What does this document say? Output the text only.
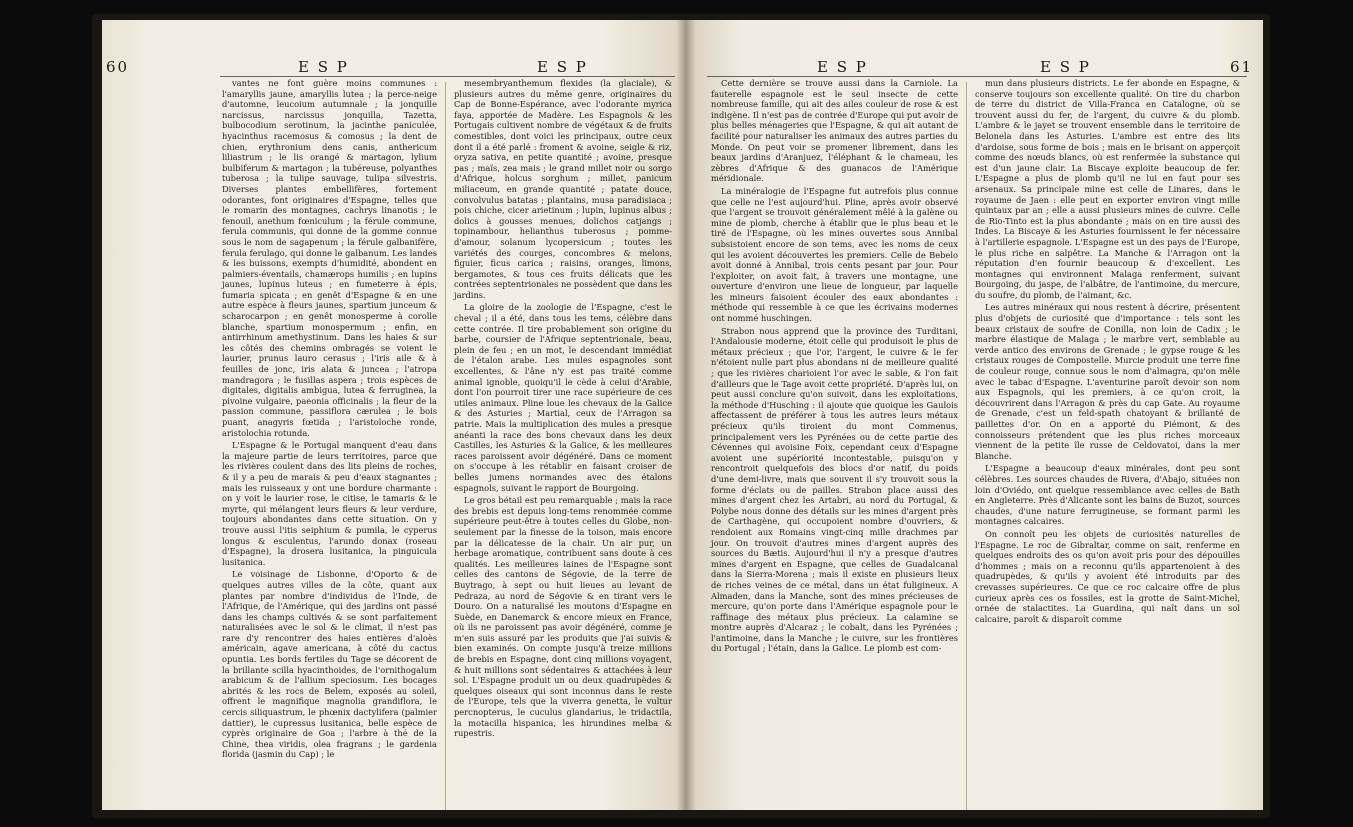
60	E S P	E S P

vantes ne font guère moins communes : l'amaryllis jaune, amaryllis lutea ; la perce-neige d'automne, leucoium autumnale ; la jonquille narcissus, narcissus jonquilla, Tazetta, bulbocodium serotinum, la jacinthe paniculée, hyacinthus racemosus & comosus ; la dent de chien, erythronium dens canis, anthericum liliastrum ; le lis orangé & martagon, lylium bulbiferum & martagon ; la tubéreuse, polyanthes tuberosa ; la tulipe sauvage, tulipa silvestris. Diverses plantes embellifères, fortement odorantes, font originaires d'Espagne, telles que le romarin des montagnes, cachrys linanotis ; le fenouil, anethum fœniculum ; la férule commune, ferula communis, qui donne de la gomme connue sous le nom de sagapenum ; la férule galbanifère, ferula ferulago, qui donne le galbanum. Les landes & les buissons, exempts d'humidité, abondent en palmiers-éventails, chamærops humilis ; en lupins jaunes, lupinus luteus ; en fumeterre à épis, fumaria spicata ; en genêt d'Espagne & en une autre espèce à fleurs jaunes, spartium junceum & scharocarpon ; en genêt monosperme à corolle blanche, spartium monospermum ; enfin, en antirrhinum amethystinum. Dans les haies & sur les côtés des chemins ombragés se voient le laurier, prunus lauro cerasus ; l'iris aile & à feuilles de jonc, iris alata & juncea ; l'atropa mandragora ; le fusillas aspera ; trois espèces de digitales, digitalis ambigua, lutea & ferruginea, la pivoine vulgaire, paeonia officinalis ; la fleur de la passion commune, passiflora cærulea ; le bois puant, anagyris fœtida ; l'aristoloche ronde, aristolochia rotunda.

L'Espagne & le Portugal manquent d'eau dans la majeure partie de leurs territoires, parce que les rivières coulent dans des lits pleins de roches, & il y a peu de marais & peu d'eaux stagnantes ; mais les ruisseaux y ont une bordure charmante : on y voit le laurier rose, le citise, le tamaris & le myrte, qui mélangent leurs fleurs & leur verdure, toujours abondantes dans cette situation. On y trouve aussi l'itis seiphium & pumila, le cyperus longus & esculentus, l'arundo donax (roseau d'Espagne), la drosera lusitanica, la pinguicula lusitanica.

Le voisinage de Lisbonne, d'Oporto & de quelques autres villes de la côte, quant aux plantes par nombre d'individus de l'Inde, de l'Afrique, de l'Amérique, qui des jardins ont passé dans les champs cultivés & se sont parfaitement naturalisées avec le sol & le climat, il n'est pas rare d'y rencontrer des haies entières d'aloès américain, agave americana, à côté du cactus opuntia. Les bords fertiles du Tage se décorent de la brillante scilla hyacinthoides, de l'ornithogalum arabicum & de l'allium speciosum. Les bocages abrités & les rocs de Belem, exposés au soleil, offrent le magnifique magnolia grandiflora, le cercis siliquastrum, le phœnix dactylifera (palmier dattier), le cupressus lusitanica, belle espèce de cyprès originaire de Goa ; l'arbre à thé de la Chine, thea viridis, olea fragrans ; le gardenia florida (jasmin du Cap) ; le

mesembryanthemum flexides (la glaciale), & plusieurs autres du même genre, originaires du Cap de Bonne-Espérance, avec l'odorante myrica faya, apportée de Madère. Les Espagnols & les Portugais cultivent nombre de végétaux & de fruits comestibles, dont voici les principaux, outre ceux dont il a été parlé : froment & avoine, seigle & riz, oryza sativa, en petite quantité ; avoine, presque pas ; maïs, zea mais ; le grand millet noir ou sorgo d'Afrique, holcus sorghum ; millet, panicum miliaceum, en grande quantité ; patate douce, convolvulus batatas ; plantains, musa paradisiaca ; pois chiche, cicer arietinum ; lupin, lupinus albus ; dolics à gousses menues, dolichos catjangs ; topinambour, helianthus tuberosus ; pomme-d'amour, solanum lycopersicum ; toutes les variétés des courges, concombres & melons, figuier, ficus carica ; raisins, oranges, limons, bergamotes, & tous ces fruits délicats que les contrées septentrionales ne possèdent que dans les jardins.

La gloire de la zoologie de l'Espagne, c'est le cheval ; il a été, dans tous les tems, célèbre dans cette contrée. Il tire probablement son origine du barbe, coursier de l'Afrique septentrionale, beau, plein de feu ; en un mot, le descendant immédiat de l'étalon arabe. Les mules espagnoles sont excellentes, & l'âne n'y est pas traité comme animal ignoble, quoiqu'il le cède à celui d'Arabie, dont l'on pourroit tirer une race supérieure de ces utiles animaux. Pline loue les chevaux de la Galice & des Asturies ; Martial, ceux de l'Arragon sa patrie. Mais la multiplication des mules a presque anéanti la race des bons chevaux dans les deux Castilles, les Asturies & la Galice, & les meilleures races paroissent avoir dégénéré. Dans ce moment on s'occupe à les rétablir en faisant croiser de belles jumens normandes avec des étalons espagnols, suivant le rapport de Bourgoing.

Le gros bétail est peu remarquable ; mais la race des brebis est depuis long-tems renommée comme supérieure peut-être à toutes celles du Globe, non-seulement par la finesse de la toison, mais encore par la délicatesse de la chair. Un air pur, un herbage aromatique, contribuent sans doute à ces qualités. Les meilleures laines de l'Espagne sont celles des cantons de Ségovie, de la terre de Buytrago, à sept ou huit lieues au levant de Pedraza, au nord de Ségovie & en tirant vers le Douro. On a naturalisé les moutons d'Espagne en Suède, en Danemarck & encore mieux en France, où ils ne paroissent pas avoir dégénéré, comme je m'en suis assuré par les produits que j'ai suivis & bien examinés. On compte jusqu'à treize millions de brebis en Espagne, dont cinq millions voyagent, & huit millions sont sédentaires & attachées à leur sol. L'Espagne produit un ou deux quadrupèdes & quelques oiseaux qui sont inconnus dans le reste de l'Europe, tels que la viverra genetta, le vultur percnopterus, le cuculus glandarius, le tridactila, la motacilla hispanica, les hirundines melba & rupestris.

E S P	E S P	61

Cette dernière se trouve aussi dans la Carniole. La fauterelle espagnole est le seul insecte de cette nombreuse famille, qui ait des ailes couleur de rose & est indigène. Il n'est pas de contrée d'Europe qui put avoir de plus belles ménageries que l'Espagne, & qui ait autant de facilité pour naturaliser les animaux des autres parties du Monde. On peut voir se promener librement, dans les beaux jardins d'Aranjuez, l'éléphant & le chameau, les zèbres d'Afrique & des guanacos de l'Amérique méridionale.

La minéralogie de l'Espagne fut autrefois plus connue que celle ne l'est aujourd'hui. Pline, après avoir observé que l'argent se trouvoit généralement mêlé à la galène ou mine de plomb, cherche à établir que le plus beau et le tiré de l'Espagne, où les mines ouvertes sous Annibal subsistoient encore de son tems, avec les noms de ceux qui les avoient découvertes les premiers. Celle de Bebelo avoit donné à Annibal, trois cents pesant par jour. Pour l'exploiter, on avoit fait, à travers une montagne, une ouverture d'environ une lieue de longueur, par laquelle les mineurs faisoient écouler des eaux abondantes : méthode qui ressemble à ce que les écrivains modernes ont nommé huschingen.

Strabon nous apprend que la province des Turditani, l'Andalousie moderne, étoit celle qui produisoit le plus de métaux précieux ; que l'or, l'argent, le cuivre & le fer n'étoient nulle part plus abondans ni de meilleure qualité ; que les rivières charioient l'or avec le sable, & l'on fait d'ailleurs que le Tage avoit cette propriété. D'après lui, on peut aussi conclure qu'on suivoit, dans les exploitations, la méthode d'Husching : il ajoute que quoique les Gaulois affectassent de préférer à tous les autres leurs métaux précieux qu'ils tiroient du mont Commenus, principalement vers les Pyrénées ou de cette partie des Cévennes qui avoisine Foix, cependant ceux d'Espagne avoient une supériorité incontestable, puisqu'on y rencontroit quelquefois des blocs d'or natif, du poids d'une demi-livre, mais que souvent il s'y trouvoit sous la forme d'éclats ou de pailles. Strabon place aussi des mines d'argent chez les Artabri, au nord du Portugal, & Polybe nous donne des détails sur les mines d'argent près de Carthagène, qui occupoient nombre d'ouvriers, & rendoient aux Romains vingt-cinq mille drachmes par jour. On trouvoit d'autres mines d'argent auprès des sources du Bætis. Aujourd'hui il n'y a presque d'autres mines d'argent en Espagne, que celles de Guadalcanal dans la Sierra-Morena ; mais il existe en plusieurs lieux de riches veines de ce métal, dans un état fuligineux. A Almaden, dans la Manche, sont des mines précieuses de mercure, qu'on porte dans l'Amérique espagnole pour le raffinage des métaux plus précieux. La calamine se montre auprès d'Alcaraz ; le cobalt, dans les Pyrénées ; l'antimoine, dans la Manche ; le cuivre, sur les frontières du Portugal ; l'étain, dans la Galice. Le plomb est com-

mun dans plusieurs districts. Le fer abonde en Espagne, & conserve toujours son excellente qualité. On tire du charbon de terre du district de Villa-Franca en Catalogne, où se trouvent aussi du fer, de l'argent, du cuivre & du plomb. L'ambre & le jayet se trouvent ensemble dans le territoire de Belonela dans les Asturies. L'ambre est entre des lits d'ardoise, sous forme de bois ; mais en le brisant on apperçoit comme des nœuds blancs, où est renfermée la substance qui est d'un jaune clair. La Biscaye exploite beaucoup de fer. L'Espagne a plus de plomb qu'il ne lui en faut pour ses arsenaux. Sa principale mine est celle de Linares, dans le royaume de Jaen : elle peut en exporter environ vingt mille quintaux par an ; elle a aussi plusieurs mines de cuivre. Celle de Rio-Tinto est la plus abondante ; mais on en tire aussi des Indes. La Biscaye & les Asturies fournissent le fer nécessaire à l'artillerie espagnole. L'Espagne est un des pays de l'Europe, le plus riche en salpêtre. La Manche & l'Arragon ont la réputation d'en fournir beaucoup & d'excellent. Les montagnes qui environnent Malaga renferment, suivant Bourgoing, du jaspe, de l'albâtre, de l'antimoine, du mercure, du soufre, du plomb, de l'aimant, &c.

Les autres minéraux qui nous restent à décrire, présentent plus d'objets de curiosité que d'importance : tels sont les beaux cristaux de soufre de Conilla, non loin de Cadix ; le marbre élastique de Malaga ; le marbre vert, semblable au verde antico des environs de Grenade ; le gypse rouge & les cristaux rouges de Compostelle. Murcie produit une terre fine de couleur rouge, connue sous le nom d'almagra, qu'on mêle avec le tabac d'Espagne. L'aventurine paroît devoir son nom aux Espagnols, qui les premiers, à ce qu'on croit, la découvrirent dans l'Arragon & près du cap Gate. Au royaume de Grenade, c'est un feld-spath chatoyant & brillanté de paillettes d'or. On en a apporté du Piémont, & des connoisseurs prétendent que les plus riches morceaux viennent de la petite île russe de Celdovatoi, dans la mer Blanche.

L'Espagne a beaucoup d'eaux minérales, dont peu sont célèbres. Les sources chaudes de Rivera, d'Abajo, situées non loin d'Oviédo, ont quelque ressemblance avec celles de Bath en Angleterre. Près d'Alicante sont les bains de Buzot, sources chaudes, d'une nature ferrugineuse, se formant parmi les montagnes calcaires.

On connoît peu les objets de curiosités naturelles de l'Espagne. Le roc de Gibraltar, comme on sait, renferme en quelques endroits des os qu'on avoit pris pour des dépouilles d'hommes ; mais on a reconnu qu'ils appartenoient à des quadrupèdes, & qu'ils y avoient été introduits par des crevasses supérieures. Ce que ce roc calcaire offre de plus curieux après ces os fossiles, est la grotte de Saint-Michel, ornée de stalactites. La Guardina, qui naît dans un sol calcaire, paroît & disparoît comme
